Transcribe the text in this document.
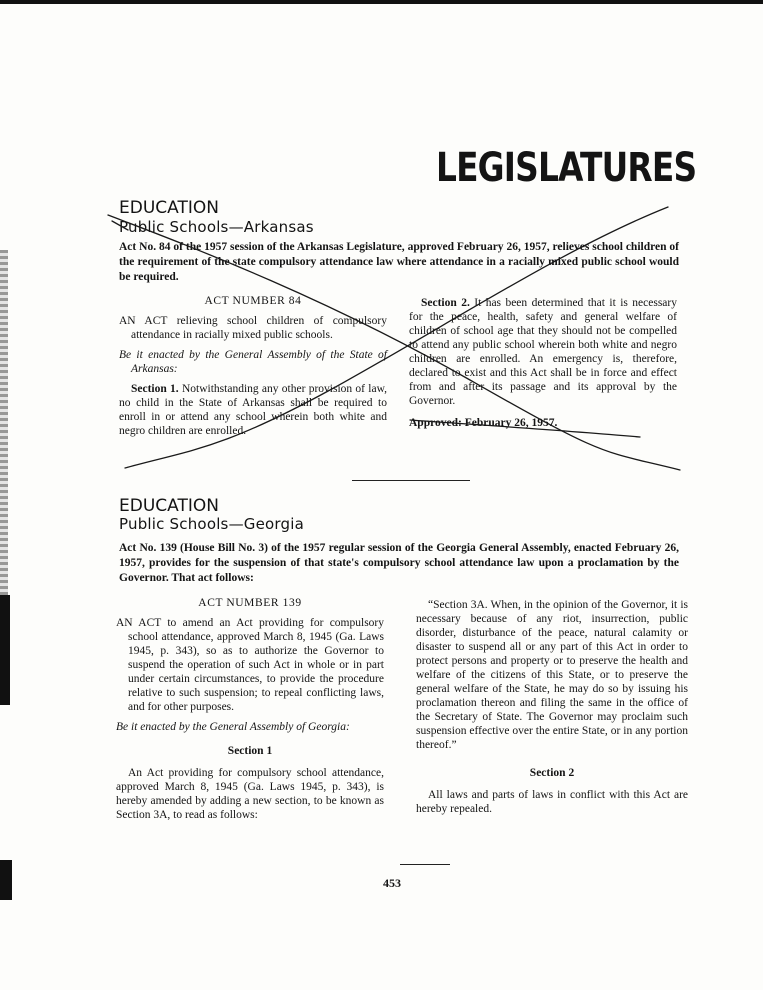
LEGISLATURES
EDUCATION
Public Schools—Arkansas
Act No. 84 of the 1957 session of the Arkansas Legislature, approved February 26, 1957, relieves school children of the requirement of the state compulsory attendance law where attendance in a racially mixed public school would be required.
ACT NUMBER 84

AN ACT relieving school children of compulsory attendance in racially mixed public schools.

Be it enacted by the General Assembly of the State of Arkansas:

Section 1. Notwithstanding any other provision of law, no child in the State of Arkansas shall be required to enroll in or attend any school wherein both white and negro children are enrolled.

Section 2. It has been determined that it is necessary for the peace, health, safety and general welfare of children of school age that they should not be compelled to attend any public school wherein both white and negro children are enrolled. An emergency is, therefore, declared to exist and this Act shall be in force and effect from and after its passage and its approval by the Governor.

Approved: February 26, 1957.

EDUCATION
Public Schools—Georgia
Act No. 139 (House Bill No. 3) of the 1957 regular session of the Georgia General Assembly, enacted February 26, 1957, provides for the suspension of that state's compulsory school attendance law upon a proclamation by the Governor. That act follows:
ACT NUMBER 139

AN ACT to amend an Act providing for compulsory school attendance, approved March 8, 1945 (Ga. Laws 1945, p. 343), so as to authorize the Governor to suspend the operation of such Act in whole or in part under certain circumstances, to provide the procedure relative to such suspension; to repeal conflicting laws, and for other purposes.

Be it enacted by the General Assembly of Georgia:

Section 1

An Act providing for compulsory school attendance, approved March 8, 1945 (Ga. Laws 1945, p. 343), is hereby amended by adding a new section, to be known as Section 3A, to read as follows:

“Section 3A. When, in the opinion of the Governor, it is necessary because of any riot, insurrection, public disorder, disturbance of the peace, natural calamity or disaster to suspend all or any part of this Act in order to protect persons and property or to preserve the health and welfare of the citizens of this State, or to preserve the general welfare of the State, he may do so by issuing his proclamation thereon and filing the same in the office of the Secretary of State. The Governor may proclaim such suspension effective over the entire State, or in any portion thereof.”

Section 2

All laws and parts of laws in conflict with this Act are hereby repealed.

453
